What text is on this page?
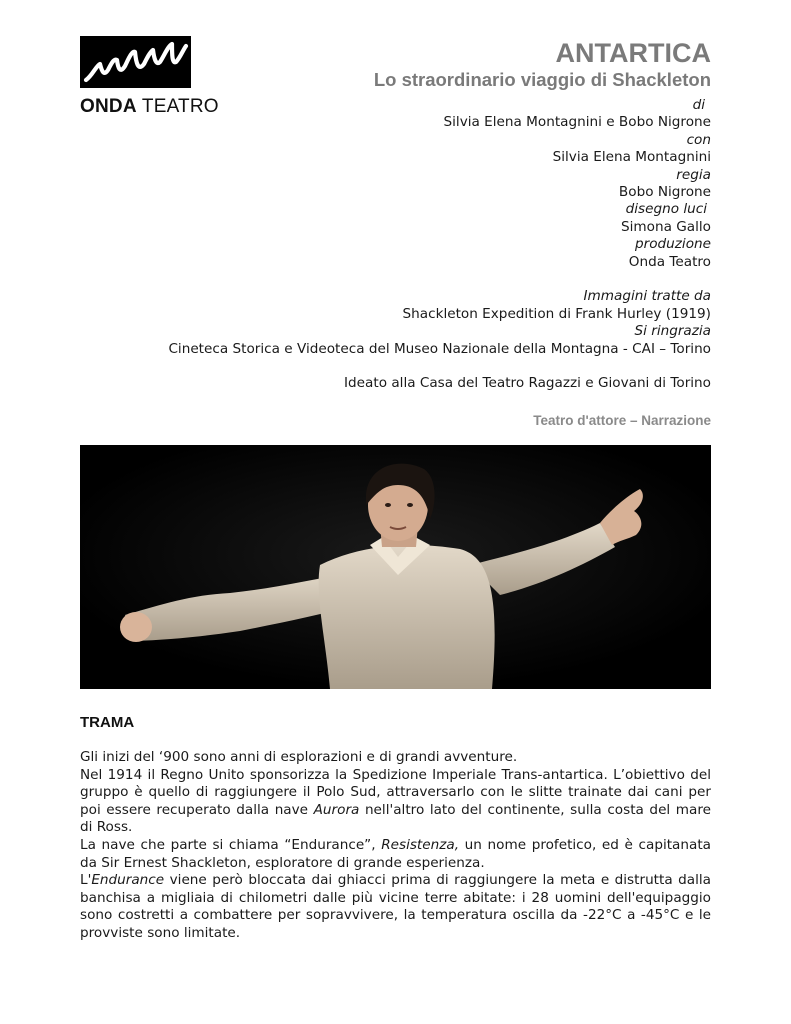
ONDA TEATRO
ANTARTICA
Lo straordinario viaggio di Shackleton
di
Silvia Elena Montagnini e Bobo Nigrone
con
Silvia Elena Montagnini
regia
Bobo Nigrone
disegno luci
Simona Gallo
produzione
Onda Teatro
Immagini tratte da
Shackleton Expedition di Frank Hurley (1919)
Si ringrazia
Cineteca Storica e Videoteca del Museo Nazionale della Montagna - CAI – Torino
Ideato alla Casa del Teatro Ragazzi e Giovani di Torino
Teatro d'attore – Narrazione
TRAMA

Gli inizi del ‘900 sono anni di esplorazioni e di grandi avventure.

Nel 1914 il Regno Unito sponsorizza la Spedizione Imperiale Trans-antartica. L’obiettivo del gruppo è quello di raggiungere il Polo Sud, attraversarlo con le slitte trainate dai cani per poi essere recuperato dalla nave Aurora nell'altro lato del continente, sulla costa del mare di Ross.

La nave che parte si chiama “Endurance”, Resistenza, un nome profetico, ed è capitanata da Sir Ernest Shackleton, esploratore di grande esperienza.

L'Endurance viene però bloccata dai ghiacci prima di raggiungere la meta e distrutta dalla banchisa a migliaia di chilometri dalle più vicine terre abitate: i 28 uomini dell'equipaggio sono costretti a combattere per sopravvivere, la temperatura oscilla da -22°C a -45°C e le provviste sono limitate.
